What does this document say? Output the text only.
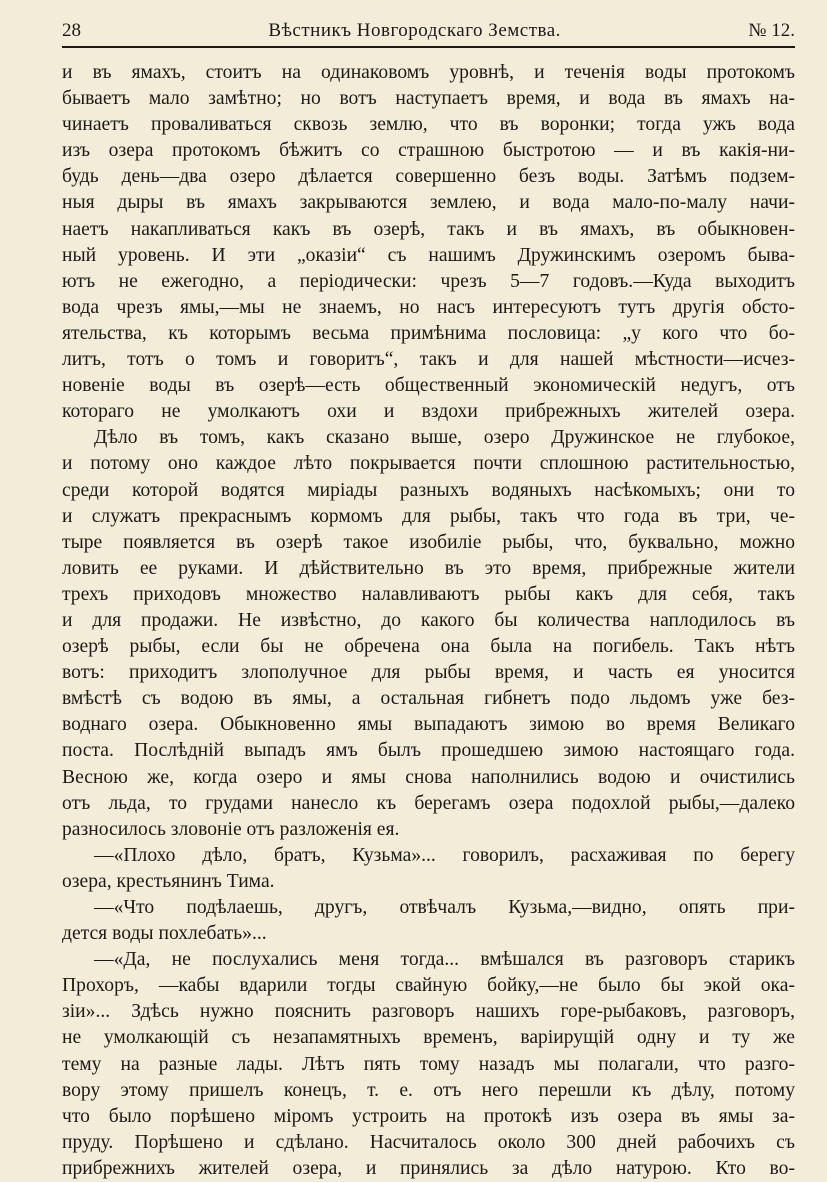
28	Вѣстникъ Новгородскаго Земства.	№ 12.

и въ ямахъ, стоитъ на одинаковомъ уровнѣ, и теченія воды протокомъ

бываетъ мало замѣтно; но вотъ наступаетъ время, и вода въ ямахъ на-

чинаетъ проваливаться сквозь землю, что въ воронки; тогда ужъ вода

изъ озера протокомъ бѣжитъ со страшною быстротою — и въ какія-ни-

будь день—два озеро дѣлается совершенно безъ воды. Затѣмъ подзем-

ныя дыры въ ямахъ закрываются землею, и вода мало-по-малу начи-

наетъ накапливаться какъ въ озерѣ, такъ и въ ямахъ, въ обыкновен-

ный уровень. И эти „оказіи“ съ нашимъ Дружинскимъ озеромъ быва-

ютъ не ежегодно, а періодически: чрезъ 5—7 годовъ.—Куда выходитъ

вода чрезъ ямы,—мы не знаемъ, но насъ интересуютъ тутъ другія обсто-

ятельства, къ которымъ весьма примѣнима пословица: „у кого что бо-

литъ, тотъ о томъ и говоритъ“, такъ и для нашей мѣстности—исчез-

новеніе воды въ озерѣ—есть общественный экономическій недугъ, отъ

котораго не умолкаютъ охи и вздохи прибрежныхъ жителей озера.

Дѣло въ томъ, какъ сказано выше, озеро Дружинское не глубокое,

и потому оно каждое лѣто покрывается почти сплошною растительностью,

среди которой водятся миріады разныхъ водяныхъ насѣкомыхъ; они то

и служатъ прекраснымъ кормомъ для рыбы, такъ что года въ три, че-

тыре появляется въ озерѣ такое изобиліе рыбы, что, буквально, можно

ловить ее руками. И дѣйствительно въ это время, прибрежные жители

трехъ приходовъ множество налавливаютъ рыбы какъ для себя, такъ

и для продажи. Не извѣстно, до какого бы количества наплодилось въ

озерѣ рыбы, если бы не обречена она была на погибель. Такъ нѣтъ

вотъ: приходитъ злополучное для рыбы время, и часть ея уносится

вмѣстѣ съ водою въ ямы, а остальная гибнетъ подо льдомъ уже без-

воднаго озера. Обыкновенно ямы выпадаютъ зимою во время Великаго

поста. Послѣдній выпадъ ямъ былъ прошедшею зимою настоящаго года.

Весною же, когда озеро и ямы снова наполнились водою и очистились

отъ льда, то грудами нанесло къ берегамъ озера подохлой рыбы,—далеко

разносилось зловоніе отъ разложенія ея.

—«Плохо дѣло, братъ, Кузьма»... говорилъ, расхаживая по берегу

озера, крестьянинъ Тима.

—«Что подѣлаешь, другъ, отвѣчалъ Кузьма,—видно, опять при-

дется воды похлебать»...

—«Да, не послухались меня тогда... вмѣшался въ разговоръ старикъ

Прохоръ, —кабы вдарили тогды свайную бойку,—не было бы экой ока-

зіи»... Здѣсь нужно пояснить разговоръ нашихъ горе-рыбаковъ, разговоръ,

не умолкающій съ незапамятныхъ временъ, варіирущій одну и ту же

тему на разные лады. Лѣтъ пять тому назадъ мы полагали, что разго-

вору этому пришелъ конецъ, т. е. отъ него перешли къ дѣлу, потому

что было порѣшено міромъ устроить на протокѣ изъ озера въ ямы за-

пруду. Порѣшено и сдѣлано. Насчиталось около 300 дней рабочихъ съ

прибрежнихъ жителей озера, и принялись за дѣло натурою. Кто во-
